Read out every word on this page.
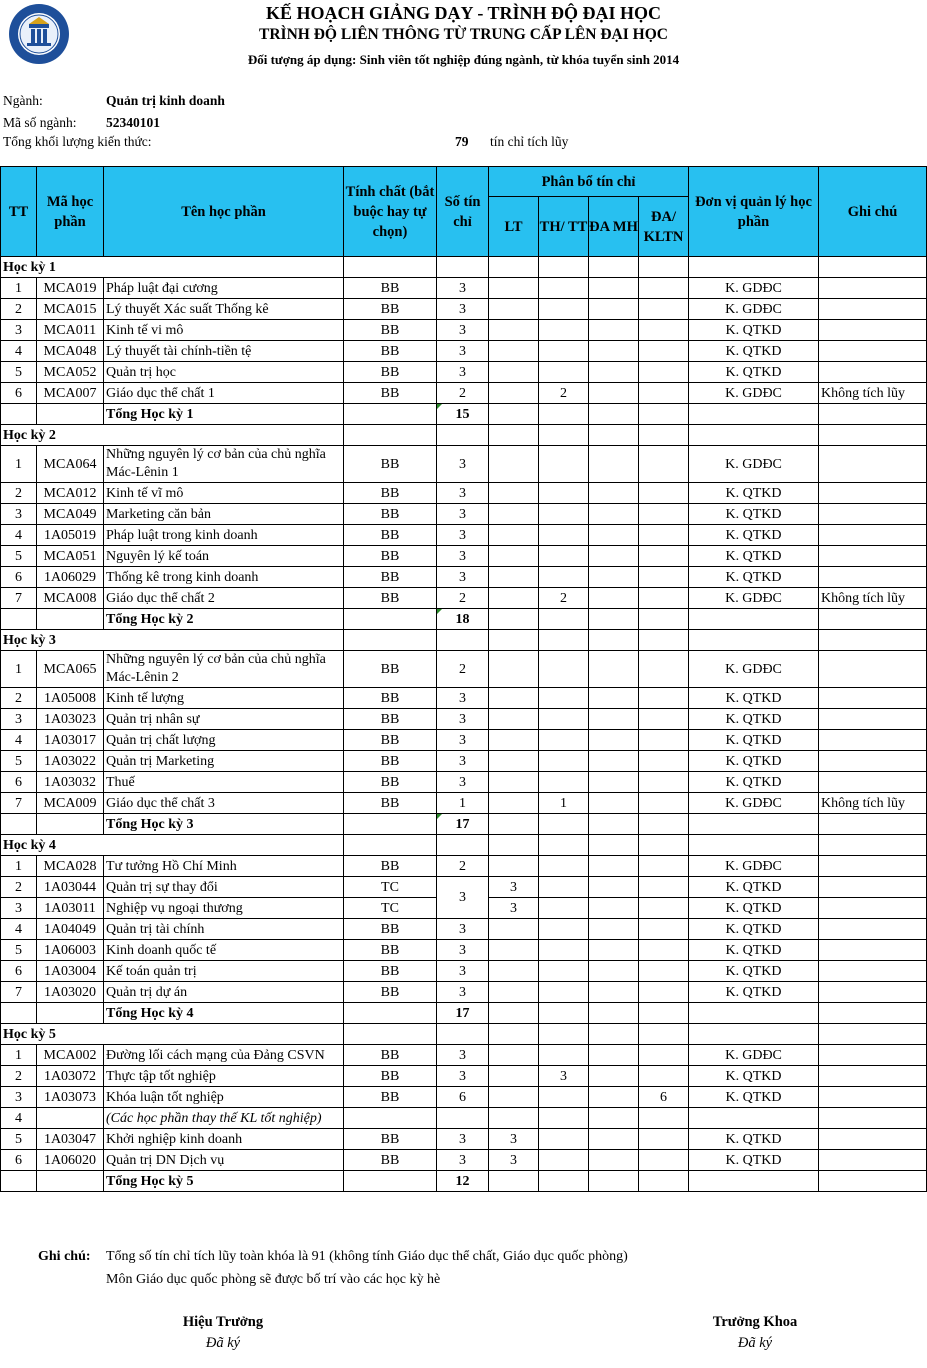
KẾ HOẠCH GIẢNG DẠY - TRÌNH ĐỘ ĐẠI HỌC
TRÌNH ĐỘ LIÊN THÔNG TỪ TRUNG CẤP LÊN ĐẠI HỌC
Đối tượng áp dụng: Sinh viên tốt nghiệp đúng ngành, từ khóa tuyển sinh 2014
Ngành:	Quản trị kinh doanh
Mã số ngành: 52340101
Tổng khối lượng kiến thức:	79 tín chỉ tích lũy
TT	Mã học phần	Tên học phần	Tính chất (bắt buộc hay tự chọn)	Số tín chỉ	Phân bổ tín chỉ				Đơn vị quản lý học phần	Ghi chú
					LT	TH/ TT	ĐA MH	ĐA/ KLTN		
Học kỳ 1										
1	MCA019	Pháp luật đại cương	BB	3					K. GDĐC	
2	MCA015	Lý thuyết Xác suất Thống kê	BB	3					K. GDĐC	
3	MCA011	Kinh tế vi mô	BB	3					K. QTKD	
4	MCA048	Lý thuyết tài chính-tiền tệ	BB	3					K. QTKD	
5	MCA052	Quản trị học	BB	3					K. QTKD	
6	MCA007	Giáo dục thể chất 1	BB	2		2			K. GDĐC	Không tích lũy
		Tổng Học kỳ 1		15						
Học kỳ 2										
1	MCA064	Những nguyên lý cơ bản của chủ nghĩa Mác-Lênin 1	BB	3					K. GDĐC	
2	MCA012	Kinh tế vĩ mô	BB	3					K. QTKD	
3	MCA049	Marketing căn bản	BB	3					K. QTKD	
4	1A05019	Pháp luật trong kinh doanh	BB	3					K. QTKD	
5	MCA051	Nguyên lý kế toán	BB	3					K. QTKD	
6	1A06029	Thống kê trong kinh doanh	BB	3					K. QTKD	
7	MCA008	Giáo dục thể chất 2	BB	2		2			K. GDĐC	Không tích lũy
		Tổng Học kỳ 2		18						
Học kỳ 3										
1	MCA065	Những nguyên lý cơ bản của chủ nghĩa Mác-Lênin 2	BB	2					K. GDĐC	
2	1A05008	Kinh tế lượng	BB	3					K. QTKD	
3	1A03023	Quản trị nhân sự	BB	3					K. QTKD	
4	1A03017	Quản trị chất lượng	BB	3					K. QTKD	
5	1A03022	Quản trị Marketing	BB	3					K. QTKD	
6	1A03032	Thuế	BB	3					K. QTKD	
7	MCA009	Giáo dục thể chất 3	BB	1		1			K. GDĐC	Không tích lũy
		Tổng Học kỳ 3		17						
Học kỳ 4										
1	MCA028	Tư tưởng Hồ Chí Minh	BB	2					K. GDĐC	
2	1A03044	Quản trị sự thay đổi	TC	3	3				K. QTKD	
3	1A03011	Nghiệp vụ ngoại thương	TC		3				K. QTKD	
4	1A04049	Quản trị tài chính	BB	3					K. QTKD	
5	1A06003	Kinh doanh quốc tế	BB	3					K. QTKD	
6	1A03004	Kế toán quản trị	BB	3					K. QTKD	
7	1A03020	Quản trị dự án	BB	3					K. QTKD	
		Tổng Học kỳ 4		17						
Học kỳ 5										
1	MCA002	Đường lối cách mạng của Đảng CSVN	BB	3					K. GDĐC	
2	1A03072	Thực tập tốt nghiệp	BB	3		3			K. QTKD	
3	1A03073	Khóa luận tốt nghiệp	BB	6				6	K. QTKD	
4		(Các học phần thay thế KL tốt nghiệp)								
5	1A03047	Khởi nghiệp kinh doanh	BB	3	3				K. QTKD	
6	1A06020	Quản trị DN Dịch vụ	BB	3	3				K. QTKD	
		Tổng Học kỳ 5		12						
Ghi chú: Tổng số tín chỉ tích lũy toàn khóa là 91 (không tính Giáo dục thể chất, Giáo dục quốc phòng)
Môn Giáo dục quốc phòng sẽ được bố trí vào các học kỳ hè
Hiệu Trưởng
Đã ký
Trưởng Khoa
Đã ký
